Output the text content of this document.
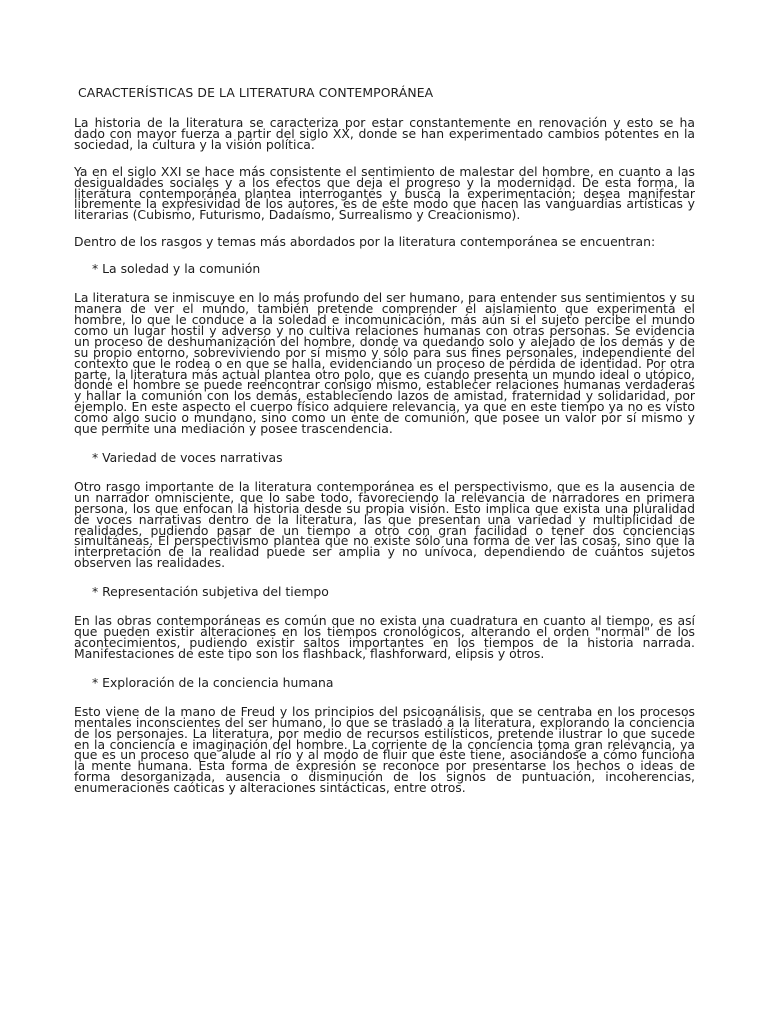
CARACTERÍSTICAS DE LA LITERATURA CONTEMPORÁNEA

La historia de la literatura se caracteriza por estar constantemente en renovación y esto se ha dado con mayor fuerza a partir del siglo XX, donde se han experimentado cambios potentes en la sociedad, la cultura y la visión política.

Ya en el siglo XXI se hace más consistente el sentimiento de malestar del hombre, en cuanto a las desigualdades sociales y a los efectos que deja el progreso y la modernidad. De esta forma, la literatura contemporánea plantea interrogantes y busca la experimentación; desea manifestar libremente la expresividad de los autores, es de este modo que nacen las vanguardias artísticas y literarias (Cubismo, Futurismo, Dadaísmo, Surrealismo y Creacionismo).

Dentro de los rasgos y temas más abordados por la literatura contemporánea se encuentran:

* La soledad y la comunión

La literatura se inmiscuye en lo más profundo del ser humano, para entender sus sentimientos y su manera de ver el mundo, también pretende comprender el aislamiento que experimenta el hombre, lo que le conduce a la soledad e incomunicación, más aún si el sujeto percibe el mundo como un lugar hostil y adverso y no cultiva relaciones humanas con otras personas. Se evidencia un proceso de deshumanización del hombre, donde va quedando solo y alejado de los demás y de su propio entorno, sobreviviendo por sí mismo y sólo para sus fines personales, independiente del contexto que le rodea o en que se halla, evidenciando un proceso de pérdida de identidad. Por otra parte, la literatura más actual plantea otro polo, que es cuando presenta un mundo ideal o utópico, donde el hombre se puede reencontrar consigo mismo, establecer relaciones humanas verdaderas y hallar la comunión con los demás, estableciendo lazos de amistad, fraternidad y solidaridad, por ejemplo. En este aspecto el cuerpo físico adquiere relevancia, ya que en este tiempo ya no es visto como algo sucio o mundano, sino como un ente de comunión, que posee un valor por sí mismo y que permite una mediación y posee trascendencia.

* Variedad de voces narrativas

Otro rasgo importante de la literatura contemporánea es el perspectivismo, que es la ausencia de un narrador omnisciente, que lo sabe todo, favoreciendo la relevancia de narradores en primera persona, los que enfocan la historia desde su propia visión. Esto implica que exista una pluralidad de voces narrativas dentro de la literatura, las que presentan una variedad y multiplicidad de realidades, pudiendo pasar de un tiempo a otro con gran facilidad o tener dos conciencias simultáneas. El perspectivismo plantea que no existe sólo una forma de ver las cosas, sino que la interpretación de la realidad puede ser amplia y no unívoca, dependiendo de cuántos sujetos observen las realidades.

* Representación subjetiva del tiempo

En las obras contemporáneas es común que no exista una cuadratura en cuanto al tiempo, es así que pueden existir alteraciones en los tiempos cronológicos, alterando el orden "normal" de los acontecimientos, pudiendo existir saltos importantes en los tiempos de la historia narrada. Manifestaciones de este tipo son los flashback, flashforward, elipsis y otros.

* Exploración de la conciencia humana

Esto viene de la mano de Freud y los principios del psicoanálisis, que se centraba en los procesos mentales inconscientes del ser humano, lo que se trasladó a la literatura, explorando la conciencia de los personajes. La literatura, por medio de recursos estilísticos, pretende ilustrar lo que sucede en la conciencia e imaginación del hombre. La corriente de la conciencia toma gran relevancia, ya que es un proceso que alude al río y al modo de fluir que éste tiene, asociándose a cómo funciona la mente humana. Esta forma de expresión se reconoce por presentarse los hechos o ideas de forma desorganizada, ausencia o disminución de los signos de puntuación, incoherencias, enumeraciones caóticas y alteraciones sintácticas, entre otros.
